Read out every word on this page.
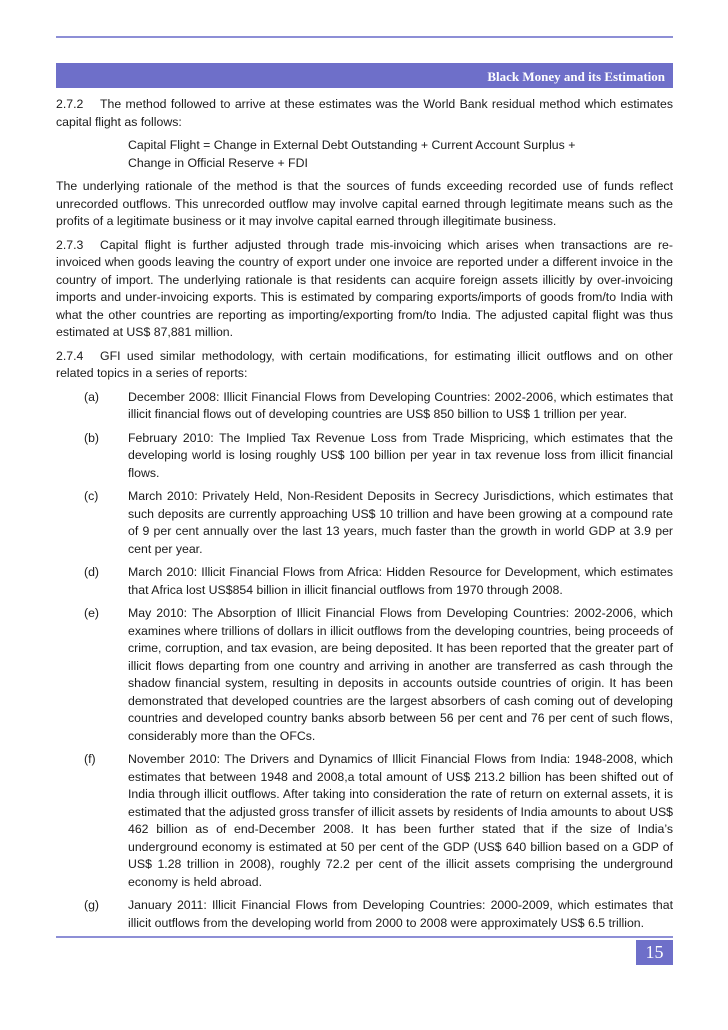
Black Money and its Estimation

2.7.2 The method followed to arrive at these estimates was the World Bank residual method which estimates capital flight as follows:

Capital Flight = Change in External Debt Outstanding + Current Account Surplus +
Change in Official Reserve + FDI

The underlying rationale of the method is that the sources of funds exceeding recorded use of funds reflect unrecorded outflows. This unrecorded outflow may involve capital earned through legitimate means such as the profits of a legitimate business or it may involve capital earned through illegitimate business.

2.7.3 Capital flight is further adjusted through trade mis-invoicing which arises when transactions are re-invoiced when goods leaving the country of export under one invoice are reported under a different invoice in the country of import. The underlying rationale is that residents can acquire foreign assets illicitly by over-invoicing imports and under-invoicing exports. This is estimated by comparing exports/imports of goods from/to India with what the other countries are reporting as importing/exporting from/to India. The adjusted capital flight was thus estimated at US$ 87,881 million.

2.7.4 GFI used similar methodology, with certain modifications, for estimating illicit outflows and on other related topics in a series of reports:

(a)	December 2008: Illicit Financial Flows from Developing Countries: 2002-2006, which estimates that illicit financial flows out of developing countries are US$ 850 billion to US$ 1 trillion per year.
(b)	February 2010: The Implied Tax Revenue Loss from Trade Mispricing, which estimates that the developing world is losing roughly US$ 100 billion per year in tax revenue loss from illicit financial flows.
(c)	March 2010: Privately Held, Non-Resident Deposits in Secrecy Jurisdictions, which estimates that such deposits are currently approaching US$ 10 trillion and have been growing at a compound rate of 9 per cent annually over the last 13 years, much faster than the growth in world GDP at 3.9 per cent per year.
(d)	March 2010: Illicit Financial Flows from Africa: Hidden Resource for Development, which estimates that Africa lost US$854 billion in illicit financial outflows from 1970 through 2008.
(e)	May 2010: The Absorption of Illicit Financial Flows from Developing Countries: 2002-2006, which examines where trillions of dollars in illicit outflows from the developing countries, being proceeds of crime, corruption, and tax evasion, are being deposited. It has been reported that the greater part of illicit flows departing from one country and arriving in another are transferred as cash through the shadow financial system, resulting in deposits in accounts outside countries of origin. It has been demonstrated that developed countries are the largest absorbers of cash coming out of developing countries and developed country banks absorb between 56 per cent and 76 per cent of such flows, considerably more than the OFCs.
(f)	November 2010: The Drivers and Dynamics of Illicit Financial Flows from India: 1948-2008, which estimates that between 1948 and 2008,a total amount of US$ 213.2 billion has been shifted out of India through illicit outflows. After taking into consideration the rate of return on external assets, it is estimated that the adjusted gross transfer of illicit assets by residents of India amounts to about US$ 462 billion as of end-December 2008. It has been further stated that if the size of India’s underground economy is estimated at 50 per cent of the GDP (US$ 640 billion based on a GDP of US$ 1.28 trillion in 2008), roughly 72.2 per cent of the illicit assets comprising the underground economy is held abroad.
(g)	January 2011: Illicit Financial Flows from Developing Countries: 2000-2009, which estimates that illicit outflows from the developing world from 2000 to 2008 were approximately US$ 6.5 trillion.
15
